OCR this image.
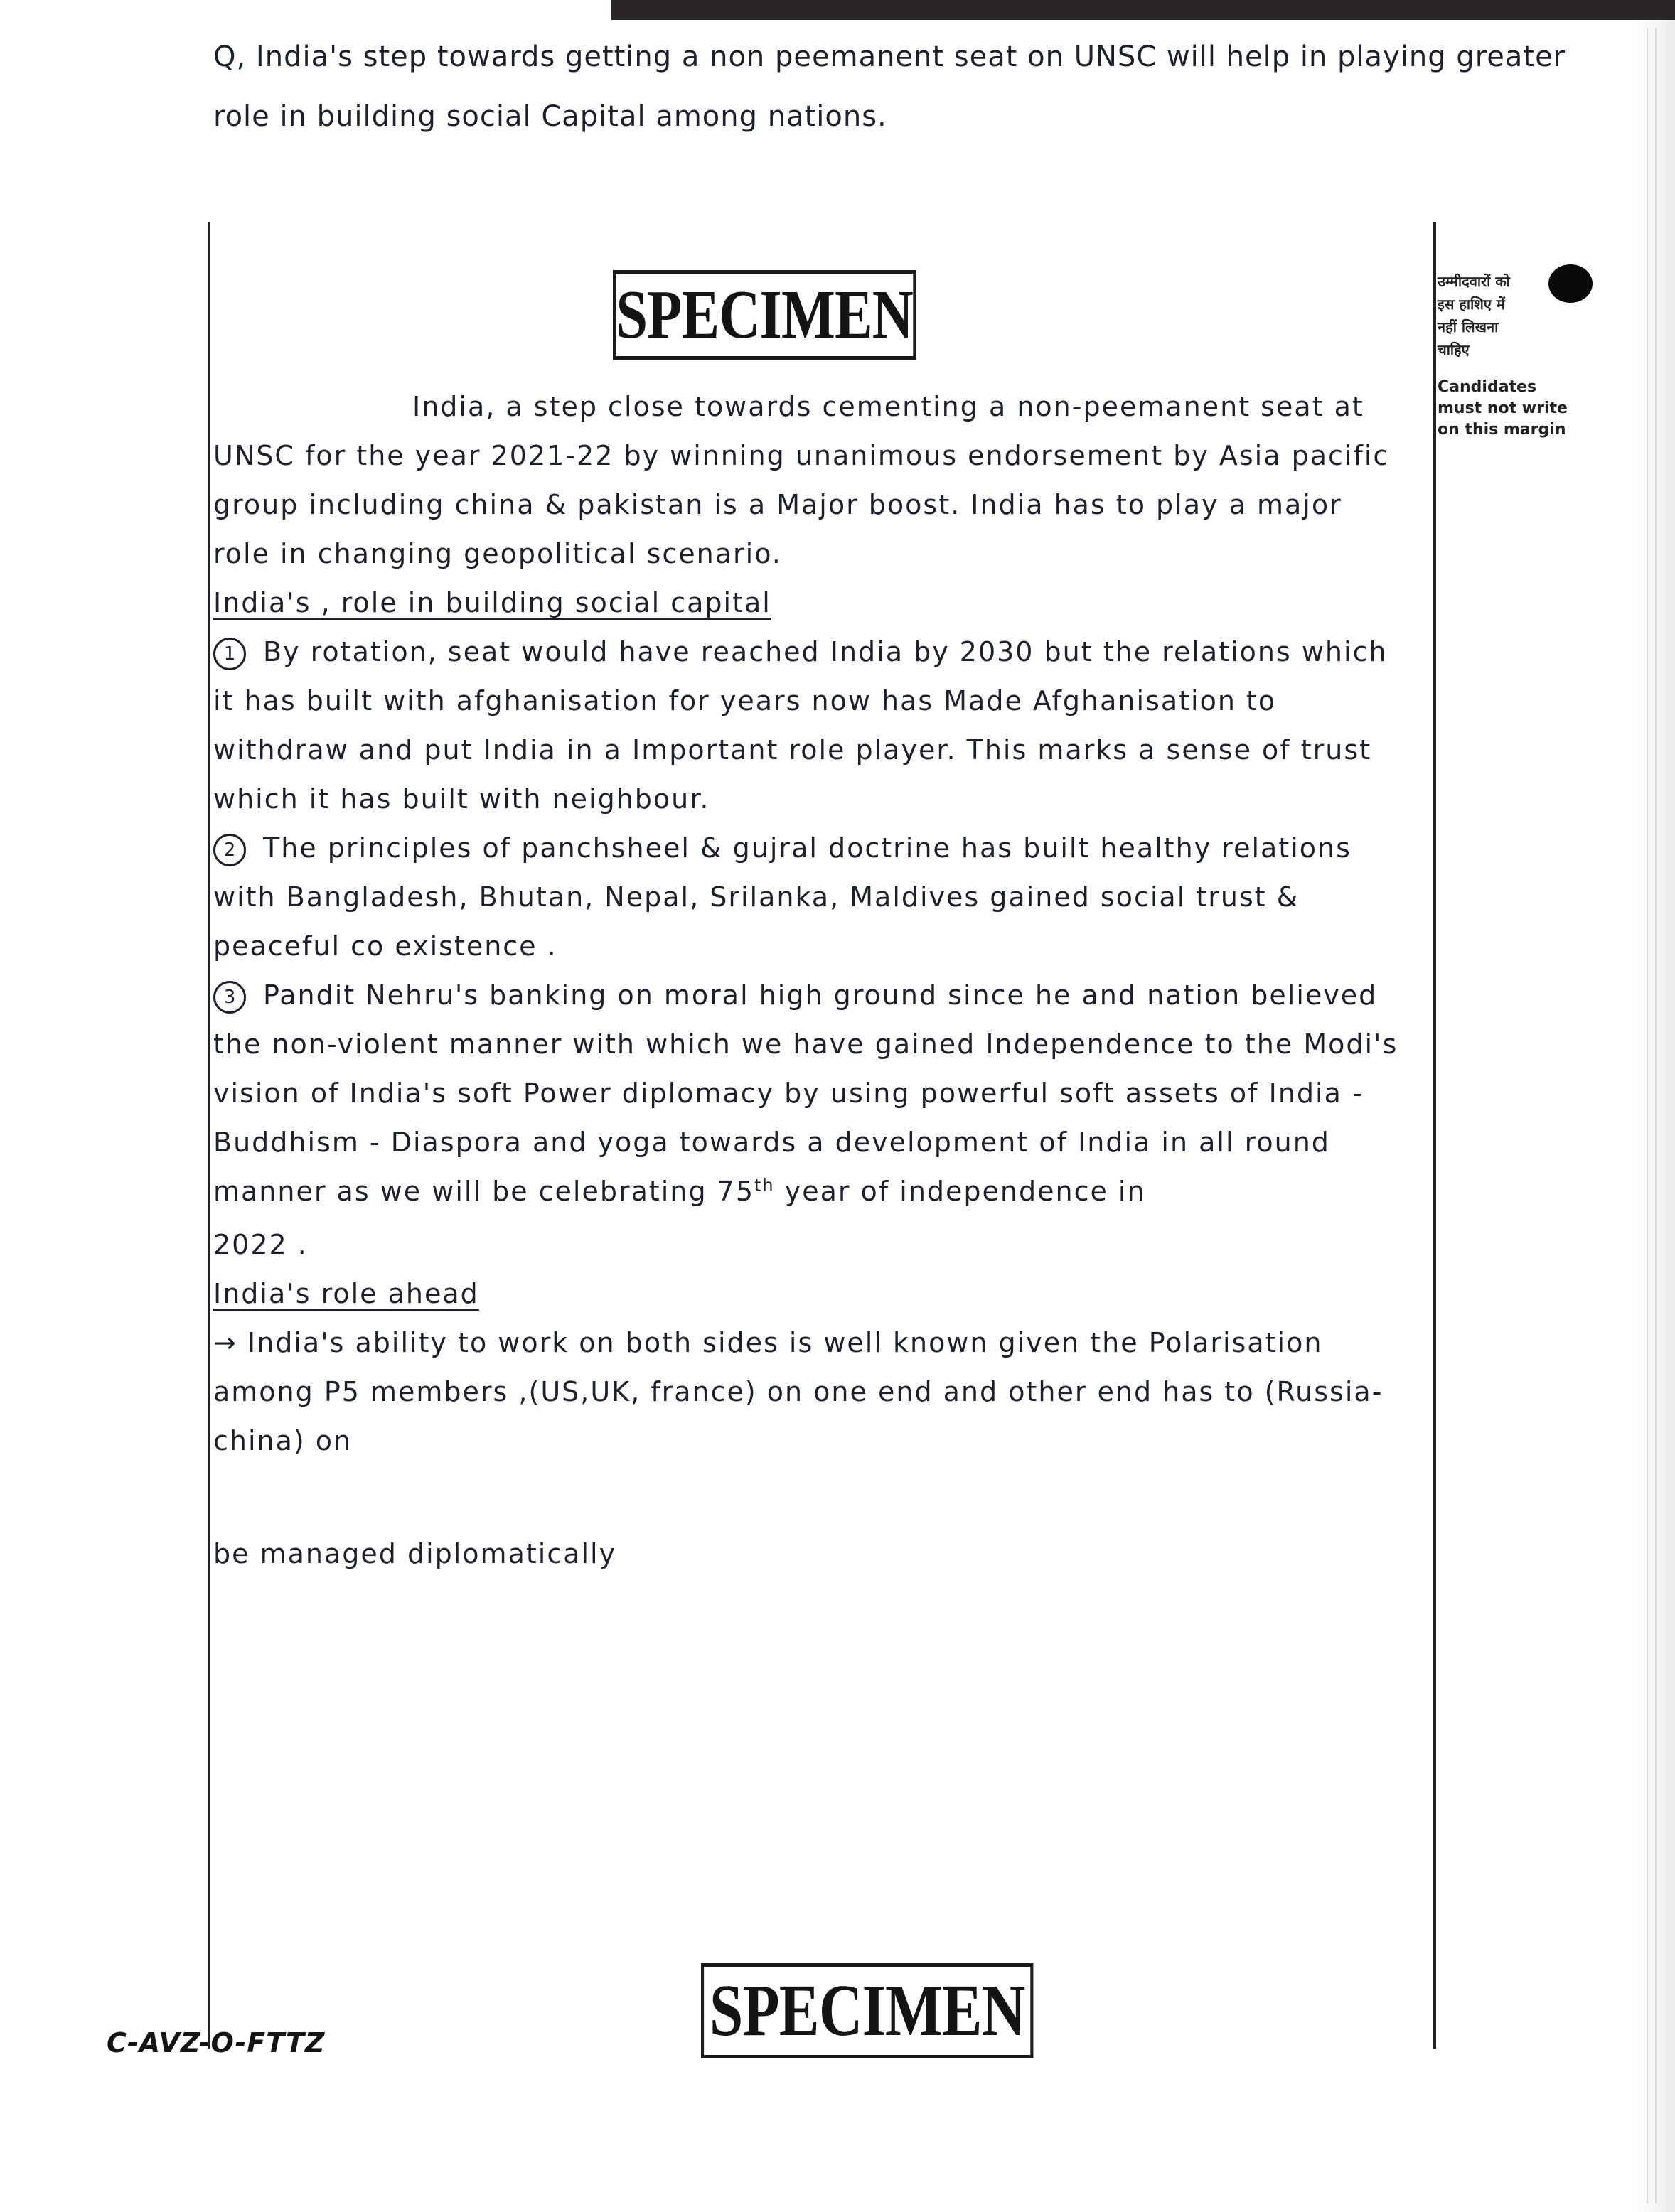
Q, India's step towards getting a non peemanent seat on UNSC will help in playing greater role in building social Capital among nations.
SPECIMEN	उम्मीदवारों को
इस हाशिए में
नहीं लिखना
चाहिए
Candidates
must not write
on this margin

India, a step close towards cementing a non-peemanent seat at UNSC for the year 2021-22 by winning unanimous endorsement by Asia pacific group including china & pakistan is a Major boost. India has to play a major role in changing geopolitical scenario.

India's , role in building social capital

1 By rotation, seat would have reached India by 2030 but the relations which it has built with afghanisation for years now has Made Afghanisation to withdraw and put India in a Important role player. This marks a sense of trust which it has built with neighbour.

2 The principles of panchsheel & gujral doctrine has built healthy relations with Bangladesh, Bhutan, Nepal, Srilanka, Maldives gained social trust & peaceful co existence .

3 Pandit Nehru's banking on moral high ground since he and nation believed the non-violent manner with which we have gained Independence to the Modi's vision of India's soft Power diplomacy by using powerful soft assets of India - Buddhism - Diaspora and yoga towards a development of India in all round manner as we will be celebrating 75th year of independence in

2022 .

India's role ahead

→ India's ability to work on both sides is well known given the Polarisation among P5 members ,(US,UK, france) on one end and other end has to (Russia-china) on

be managed diplomatically

SPECIMEN
C-AVZ-O-FTTZ
